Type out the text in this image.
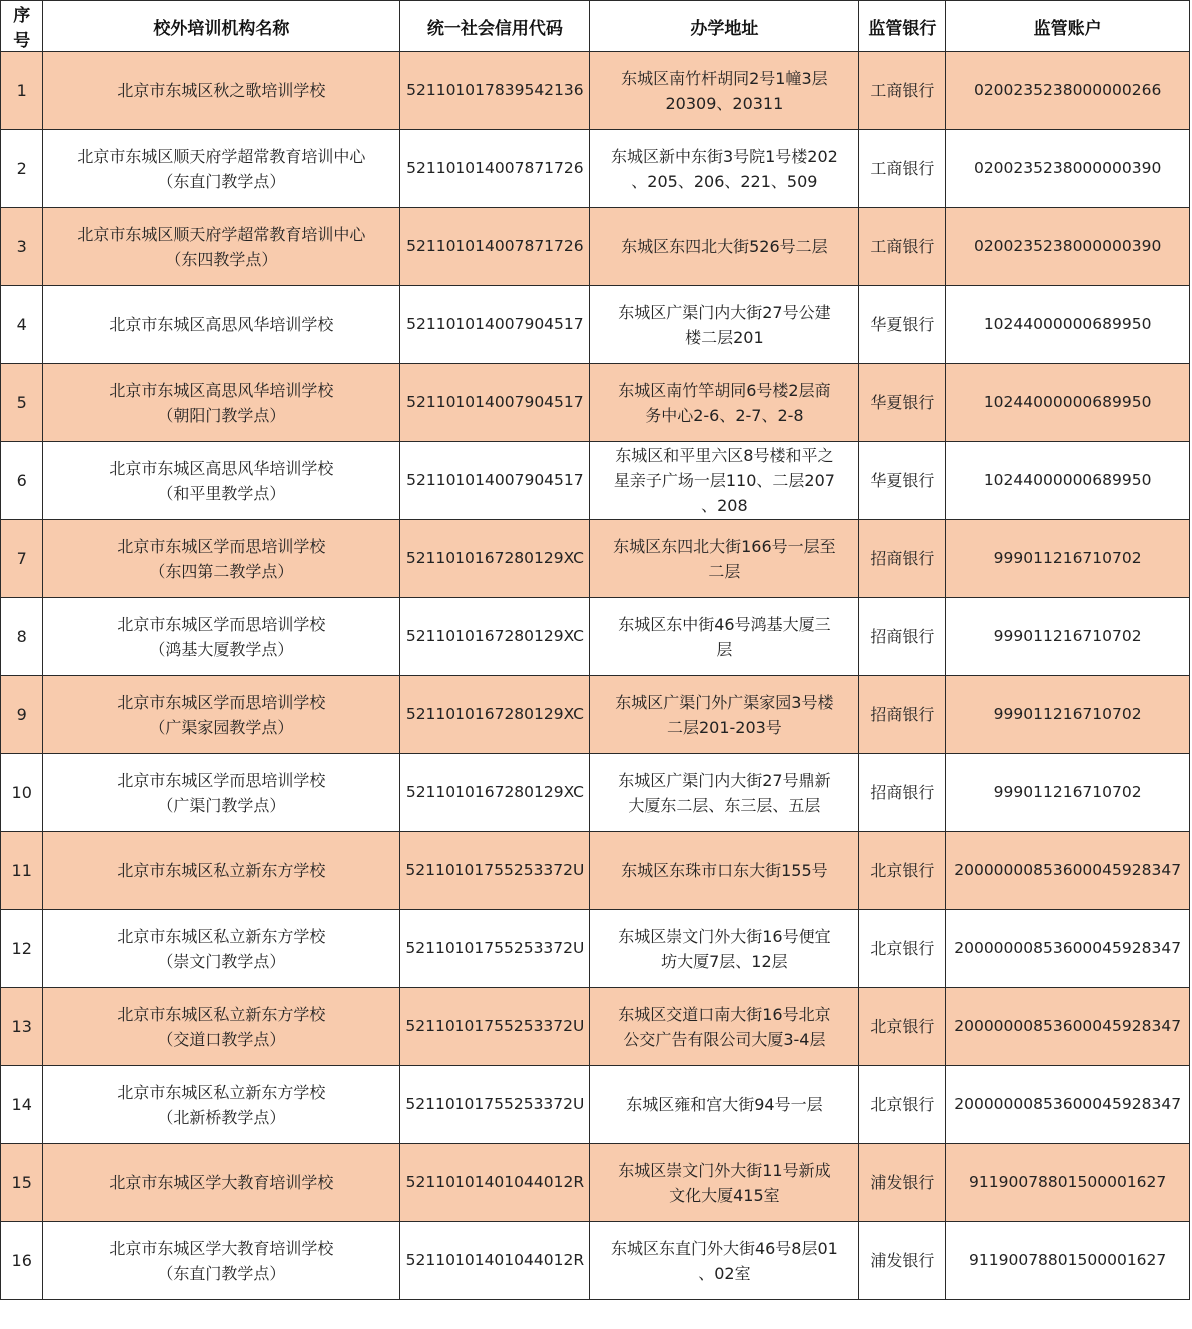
序号	校外培训机构名称	统一社会信用代码	办学地址	监管银行	监管账户

1	北京市东城区秋之歌培训学校	521101017839542136	东城区南竹杆胡同2号1幢3层
20309、20311	工商银行	0200235238000000266

2	北京市东城区顺天府学超常教育培训中心
（东直门教学点）	521101014007871726	东城区新中东街3号院1号楼202
、205、206、221、509	工商银行	0200235238000000390

3	北京市东城区顺天府学超常教育培训中心
（东四教学点）	521101014007871726	东城区东四北大街526号二层	工商银行	0200235238000000390

4	北京市东城区高思风华培训学校	521101014007904517	东城区广渠门内大街27号公建
楼二层201	华夏银行	10244000000689950

5	北京市东城区高思风华培训学校
（朝阳门教学点）	521101014007904517	东城区南竹竿胡同6号楼2层商
务中心2-6、2-7、2-8	华夏银行	10244000000689950

6	北京市东城区高思风华培训学校
（和平里教学点）	521101014007904517	东城区和平里六区8号楼和平之
星亲子广场一层110、二层207
、208	华夏银行	10244000000689950

7	北京市东城区学而思培训学校
（东四第二教学点）	5211010167280129XC	东城区东四北大街166号一层至
二层	招商银行	999011216710702

8	北京市东城区学而思培训学校
（鸿基大厦教学点）	5211010167280129XC	东城区东中街46号鸿基大厦三
层	招商银行	999011216710702

9	北京市东城区学而思培训学校
（广渠家园教学点）	5211010167280129XC	东城区广渠门外广渠家园3号楼
二层201-203号	招商银行	999011216710702

10	北京市东城区学而思培训学校
（广渠门教学点）	5211010167280129XC	东城区广渠门内大街27号鼎新
大厦东二层、东三层、五层	招商银行	999011216710702

11	北京市东城区私立新东方学校	52110101755253372U	东城区东珠市口东大街155号	北京银行	20000000853600045928347

12	北京市东城区私立新东方学校
（崇文门教学点）	52110101755253372U	东城区崇文门外大街16号便宜
坊大厦7层、12层	北京银行	20000000853600045928347

13	北京市东城区私立新东方学校
（交道口教学点）	52110101755253372U	东城区交道口南大街16号北京
公交广告有限公司大厦3-4层	北京银行	20000000853600045928347

14	北京市东城区私立新东方学校
（北新桥教学点）	52110101755253372U	东城区雍和宫大街94号一层	北京银行	20000000853600045928347

15	北京市东城区学大教育培训学校	52110101401044012R	东城区崇文门外大街11号新成
文化大厦415室	浦发银行	91190078801500001627

16	北京市东城区学大教育培训学校
（东直门教学点）	52110101401044012R	东城区东直门外大街46号8层01
、02室	浦发银行	91190078801500001627
